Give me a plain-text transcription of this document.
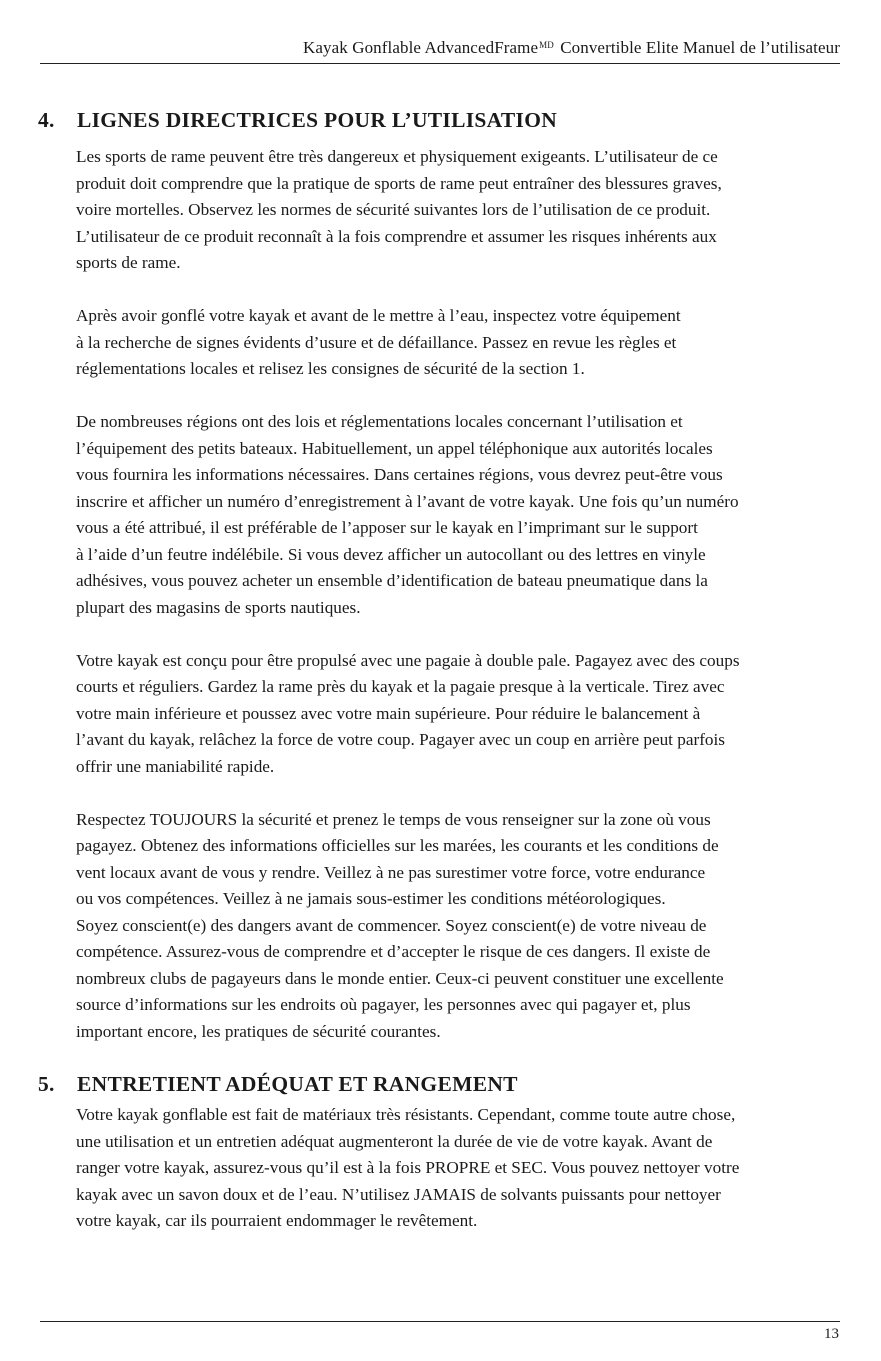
Kayak Gonflable AdvancedFrame$^{MD}$ Convertible Elite Manuel de l’utilisateur
4. LIGNES DIRECTRICES POUR L’UTILISATION

Les sports de rame peuvent être très dangereux et physiquement exigeants. L’utilisateur de ce
produit doit comprendre que la pratique de sports de rame peut entraîner des blessures graves,
voire mortelles. Observez les normes de sécurité suivantes lors de l’utilisation de ce produit.
L’utilisateur de ce produit reconnaît à la fois comprendre et assumer les risques inhérents aux
sports de rame.

Après avoir gonflé votre kayak et avant de le mettre à l’eau, inspectez votre équipement
à la recherche de signes évidents d’usure et de défaillance. Passez en revue les règles et
réglementations locales et relisez les consignes de sécurité de la section 1.

De nombreuses régions ont des lois et réglementations locales concernant l’utilisation et
l’équipement des petits bateaux. Habituellement, un appel téléphonique aux autorités locales
vous fournira les informations nécessaires. Dans certaines régions, vous devrez peut-être vous
inscrire et afficher un numéro d’enregistrement à l’avant de votre kayak. Une fois qu’un numéro
vous a été attribué, il est préférable de l’apposer sur le kayak en l’imprimant sur le support
à l’aide d’un feutre indélébile. Si vous devez afficher un autocollant ou des lettres en vinyle
adhésives, vous pouvez acheter un ensemble d’identification de bateau pneumatique dans la
plupart des magasins de sports nautiques.

Votre kayak est conçu pour être propulsé avec une pagaie à double pale. Pagayez avec des coups
courts et réguliers. Gardez la rame près du kayak et la pagaie presque à la verticale. Tirez avec
votre main inférieure et poussez avec votre main supérieure. Pour réduire le balancement à
l’avant du kayak, relâchez la force de votre coup. Pagayer avec un coup en arrière peut parfois
offrir une maniabilité rapide.

Respectez TOUJOURS la sécurité et prenez le temps de vous renseigner sur la zone où vous
pagayez. Obtenez des informations officielles sur les marées, les courants et les conditions de
vent locaux avant de vous y rendre. Veillez à ne pas surestimer votre force, votre endurance
ou vos compétences. Veillez à ne jamais sous-estimer les conditions météorologiques.
Soyez conscient(e) des dangers avant de commencer. Soyez conscient(e) de votre niveau de
compétence. Assurez-vous de comprendre et d’accepter le risque de ces dangers. Il existe de
nombreux clubs de pagayeurs dans le monde entier. Ceux-ci peuvent constituer une excellente
source d’informations sur les endroits où pagayer, les personnes avec qui pagayer et, plus
important encore, les pratiques de sécurité courantes.

5. ENTRETIENT ADÉQUAT ET RANGEMENT

Votre kayak gonflable est fait de matériaux très résistants. Cependant, comme toute autre chose,
une utilisation et un entretien adéquat augmenteront la durée de vie de votre kayak. Avant de
ranger votre kayak, assurez-vous qu’il est à la fois PROPRE et SEC. Vous pouvez nettoyer votre
kayak avec un savon doux et de l’eau. N’utilisez JAMAIS de solvants puissants pour nettoyer
votre kayak, car ils pourraient endommager le revêtement.

13
